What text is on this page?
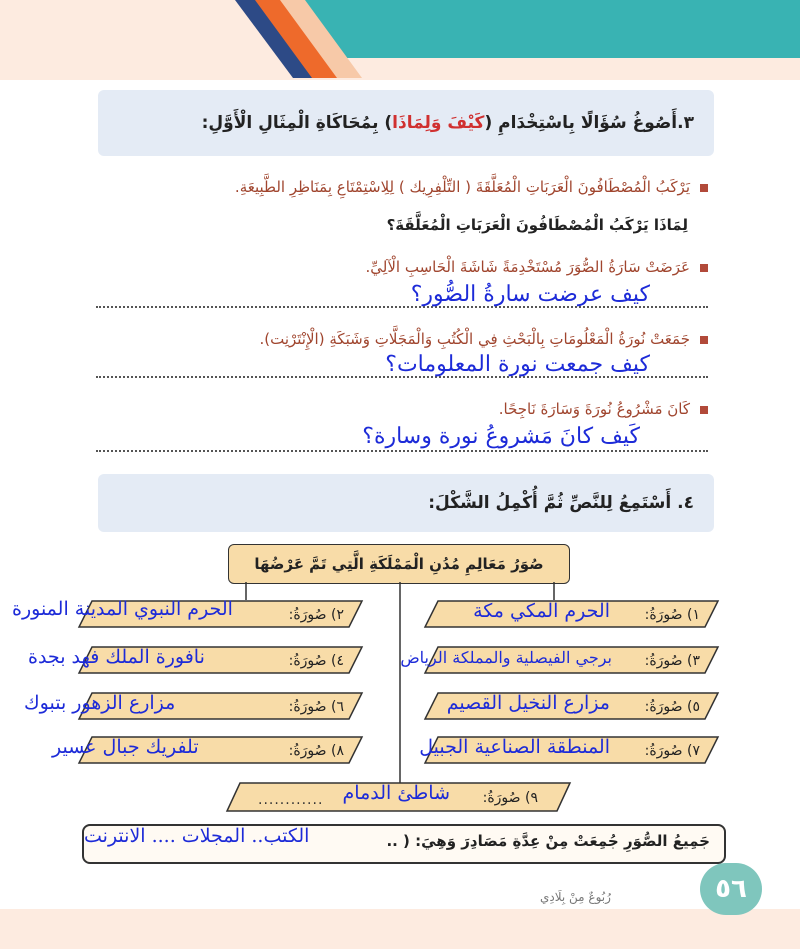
٣.
أَصُوغُ سُؤَالًا بِاسْتِخْدَامِ (
كَيْفَ وَلِمَاذَا
) بِمُحَاكَاةِ الْمِثَالِ الْأَوَّلِ:
يَرْكَبُ الْمُصْطَافُونَ الْعَرَبَاتِ الْمُعَلَّقَةَ ( التِّلْفِرِيك ) لِلِاسْتِمْتَاعِ بِمَنَاظِرِ الطَّبِيعَةِ.
لِمَاذَا يَرْكَبُ الْمُصْطَافُونَ الْعَرَبَاتِ الْمُعَلَّقَةَ؟
عَرَضَتْ سَارَةُ الصُّوَرَ مُسْتَخْدِمَةً شَاشَةَ الْحَاسِبِ الْآلِيِّ.
كيف عرضت سارةُ الصُّور؟
جَمَعَتْ نُورَةُ الْمَعْلُومَاتِ بِالْبَحْثِ فِي الْكُتُبِ وَالْمَجَلَّاتِ وَشَبَكَةِ (الْإِنْتَرْنِت).
كيف جمعت نورة المعلومات؟
كَانَ مَشْرُوعُ نُورَةَ وَسَارَةَ نَاجِحًا.
كَيف كانَ مَشروعُ نورة وسارة؟
٤. أَسْتَمِعُ لِلنَّصِّ ثُمَّ أُكْمِلُ الشَّكْلَ:
صُوَرُ مَعَالِمِ مُدُنِ الْمَمْلَكَةِ الَّتِي تَمَّ عَرْضُهَا
١) صُورَةُ:
الحرم المكي مكة
٢) صُورَةُ:
الحرم النبوي المدينة المنورة
٣) صُورَةُ:
برجي الفيصلية والمملكة الرياض
٤) صُورَةُ:
نافورة الملك فهد بجدة
٥) صُورَةُ:
مزارع النخيل القصيم
٦) صُورَةُ:
مزارع الزهور بتبوك
٧) صُورَةُ:
المنطقة الصناعية الجبيل
٨) صُورَةُ:
تلفريك جبال عسير
٩) صُورَةُ:
شاطئ الدمام
............
جَمِيعُ الصُّوَرِ جُمِعَتْ مِنْ عِدَّةِ مَصَادِرَ وَهِيَ: ( ..
الكتب.. المجلات .... الانترنت
رُبُوعٌ مِنْ بِلَادِي	٥٦
